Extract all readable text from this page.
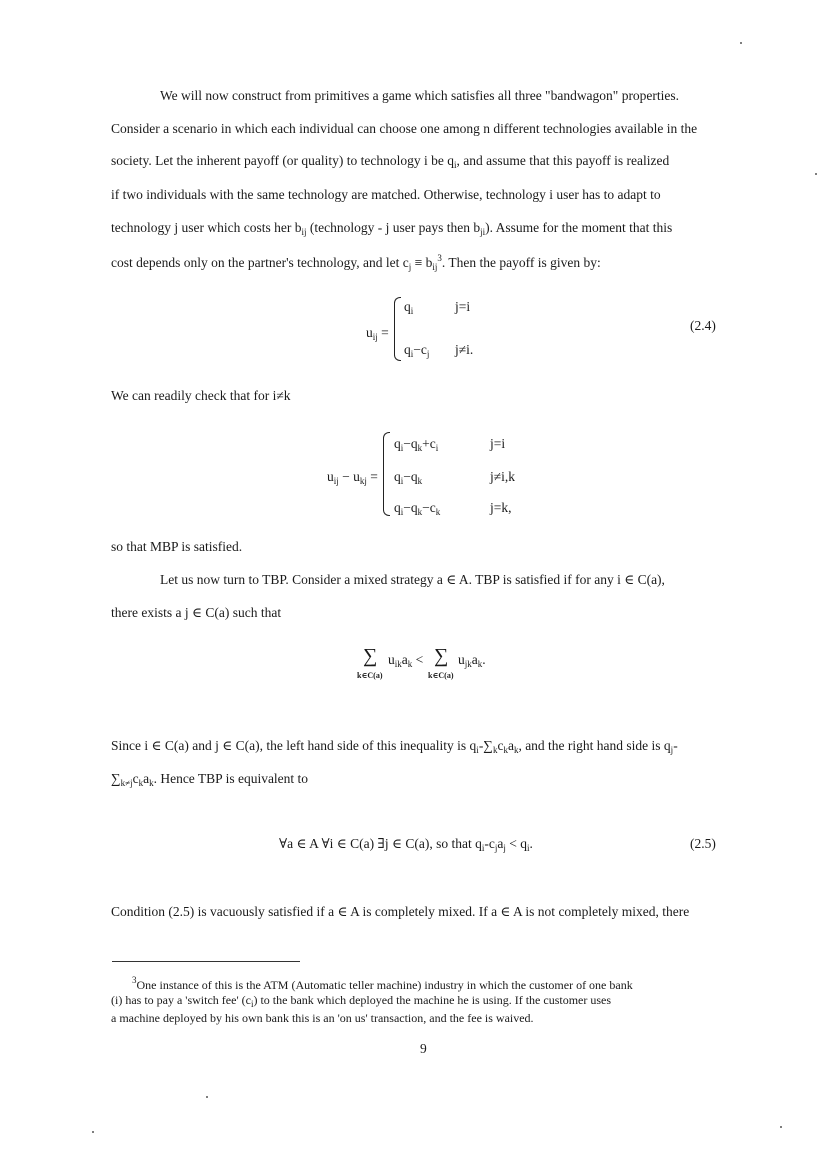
We will now construct from primitives a game which satisfies all three "bandwagon" properties.
Consider a scenario in which each individual can choose one among n different technologies available in the
society. Let the inherent payoff (or quality) to technology i be $q_i$, and assume that this payoff is realized
if two individuals with the same technology are matched. Otherwise, technology i user has to adapt to
technology j user which costs her $b_{ij}$ (technology - j user pays then $b_{ji}$). Assume for the moment that this
cost depends only on the partner's technology, and let $c_j \equiv b_{ij}^3$. Then the payoff is given by:
$u_{ij}$ =
$q_i$	j=i
$q_i-c_j$ j≠i.
(2.4)
We can readily check that for i≠k
$u_{ij} - u_{kj}$ =
$q_i-q_k+c_i$	j=i
$q_i-q_k$	j≠i,k
$q_i-q_k-c_k$	j=k,
so that MBP is satisfied.
Let us now turn to TBP. Consider a mixed strategy a ∈ A. TBP is satisfied if for any i ∈ C(a),
there exists a j ∈ C(a) such that
∑
k∈C(a)
$u_{ik}a_k$ < ∑
k∈C(a)
$u_{jk}a_k$.
Since i ∈ C(a) and j ∈ C(a), the left hand side of this inequality is $q_i-\sum_kc_ka_k$, and the right hand side is $q_j-$
$\sum_{k\ne j}c_ka_k$. Hence TBP is equivalent to
∀a ∈ A ∀i ∈ C(a) ∃j ∈ C(a), so that $q_i-c_ja_j < q_i$.	(2.5)
Condition (2.5) is vacuously satisfied if a ∈ A is completely mixed. If a ∈ A is not completely mixed, there
$^3$One instance of this is the ATM (Automatic teller machine) industry in which the customer of one bank
(i) has to pay a 'switch fee' $(c_i)$ to the bank which deployed the machine he is using. If the customer uses
a machine deployed by his own bank this is an 'on us' transaction, and the fee is waived.
9
